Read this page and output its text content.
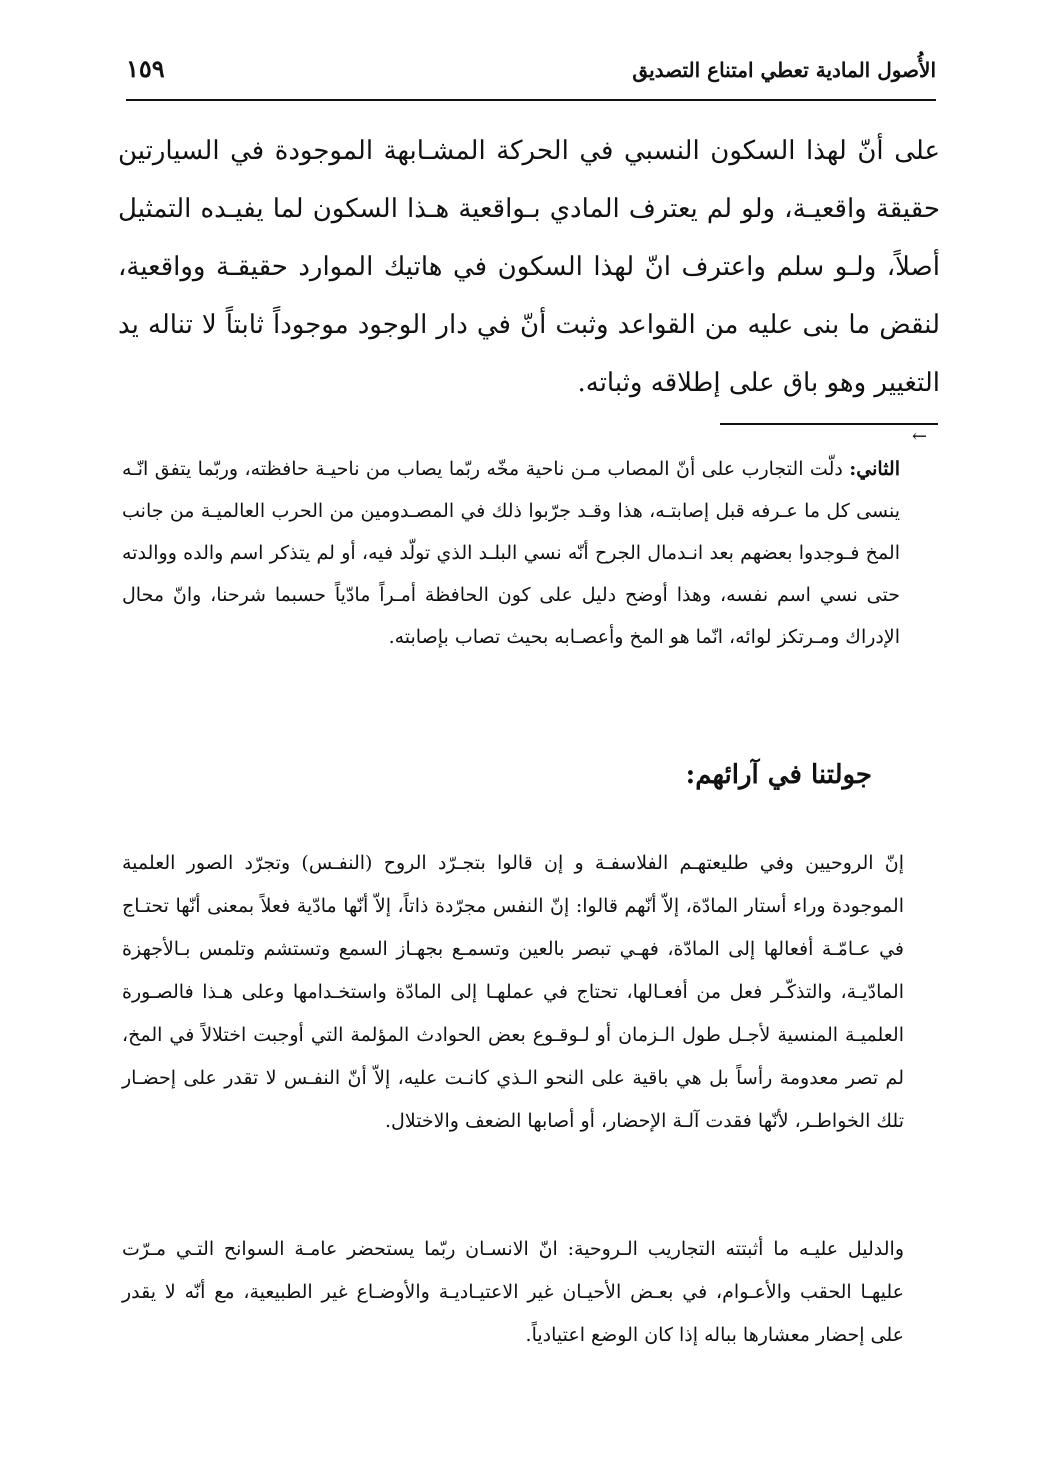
الأُصول المادية تعطي امتناع التصديق
١٥٩

على أنّ لهذا السكون النسبي في الحركة المشـابهة الموجودة في السيارتين حقيقة واقعيـة، ولو لم يعترف المادي بـواقعية هـذا السكون لما يفيـده التمثيل أصلاً، ولـو سلم واعترف انّ لهذا السكون في هاتيك الموارد حقيقـة وواقعية، لنقض ما بنى عليه من القواعد وثبت أنّ في دار الوجود موجوداً ثابتاً لا تناله يد التغيير وهو باق على إطلاقه وثباته.

←

الثاني: دلّت التجارب على أنّ المصاب مـن ناحية مخّه ربّما يصاب من ناحيـة حافظته، وربّما يتفق انّـه ينسى كل ما عـرفه قبل إصابتـه، هذا وقـد جرّبوا ذلك في المصـدومين من الحرب العالميـة من جانب المخ فـوجدوا بعضهم بعد انـدمال الجرح أنّه نسي البلـد الذي تولّد فيه، أو لم يتذكر اسم والده ووالدته حتى نسي اسم نفسه، وهذا أوضح دليل على كون الحافظة أمـراً مادّياً حسبما شرحنا، وانّ محال الإدراك ومـرتكز لوائه، انّما هو المخ وأعصـابه بحيث تصاب بإصابته.

جولتنا في آرائهم:

إنّ الروحيين وفي طليعتهـم الفلاسفـة و إن قالوا بتجـرّد الروح (النفـس) وتجرّد الصور العلمية الموجودة وراء أستار المادّة، إلاّ أنّهم قالوا: إنّ النفس مجرّدة ذاتاً، إلاّ أنّها مادّية فعلاً بمعنى أنّها تحتـاج في عـامّـة أفعالها إلى المادّة، فهـي تبصر بالعين وتسمـع بجهـاز السمع وتستشم وتلمس بـالأجهزة المادّيـة، والتذكّـر فعل من أفعـالها، تحتاج في عملهـا إلى المادّة واستخـدامها وعلى هـذا فالصـورة العلميـة المنسية لأجـل طول الـزمان أو لـوقـوع بعض الحوادث المؤلمة التي أوجبت اختلالاً في المخ، لم تصر معدومة رأساً بل هي باقية على النحو الـذي كانـت عليه، إلاّ أنّ النفـس لا تقدر على إحضـار تلك الخواطـر، لأنّها فقدت آلـة الإحضار، أو أصابها الضعف والاختلال.

والدليل عليـه ما أثبتته التجاريب الـروحية: انّ الانسـان ربّما يستحضر عامـة السوانح التـي مـرّت عليهـا الحقب والأعـوام، في بعـض الأحيـان غير الاعتيـاديـة والأوضـاع غير الطبيعية، مع أنّه لا يقدر على إحضار معشارها بباله إذا كان الوضع اعتيادياً.
